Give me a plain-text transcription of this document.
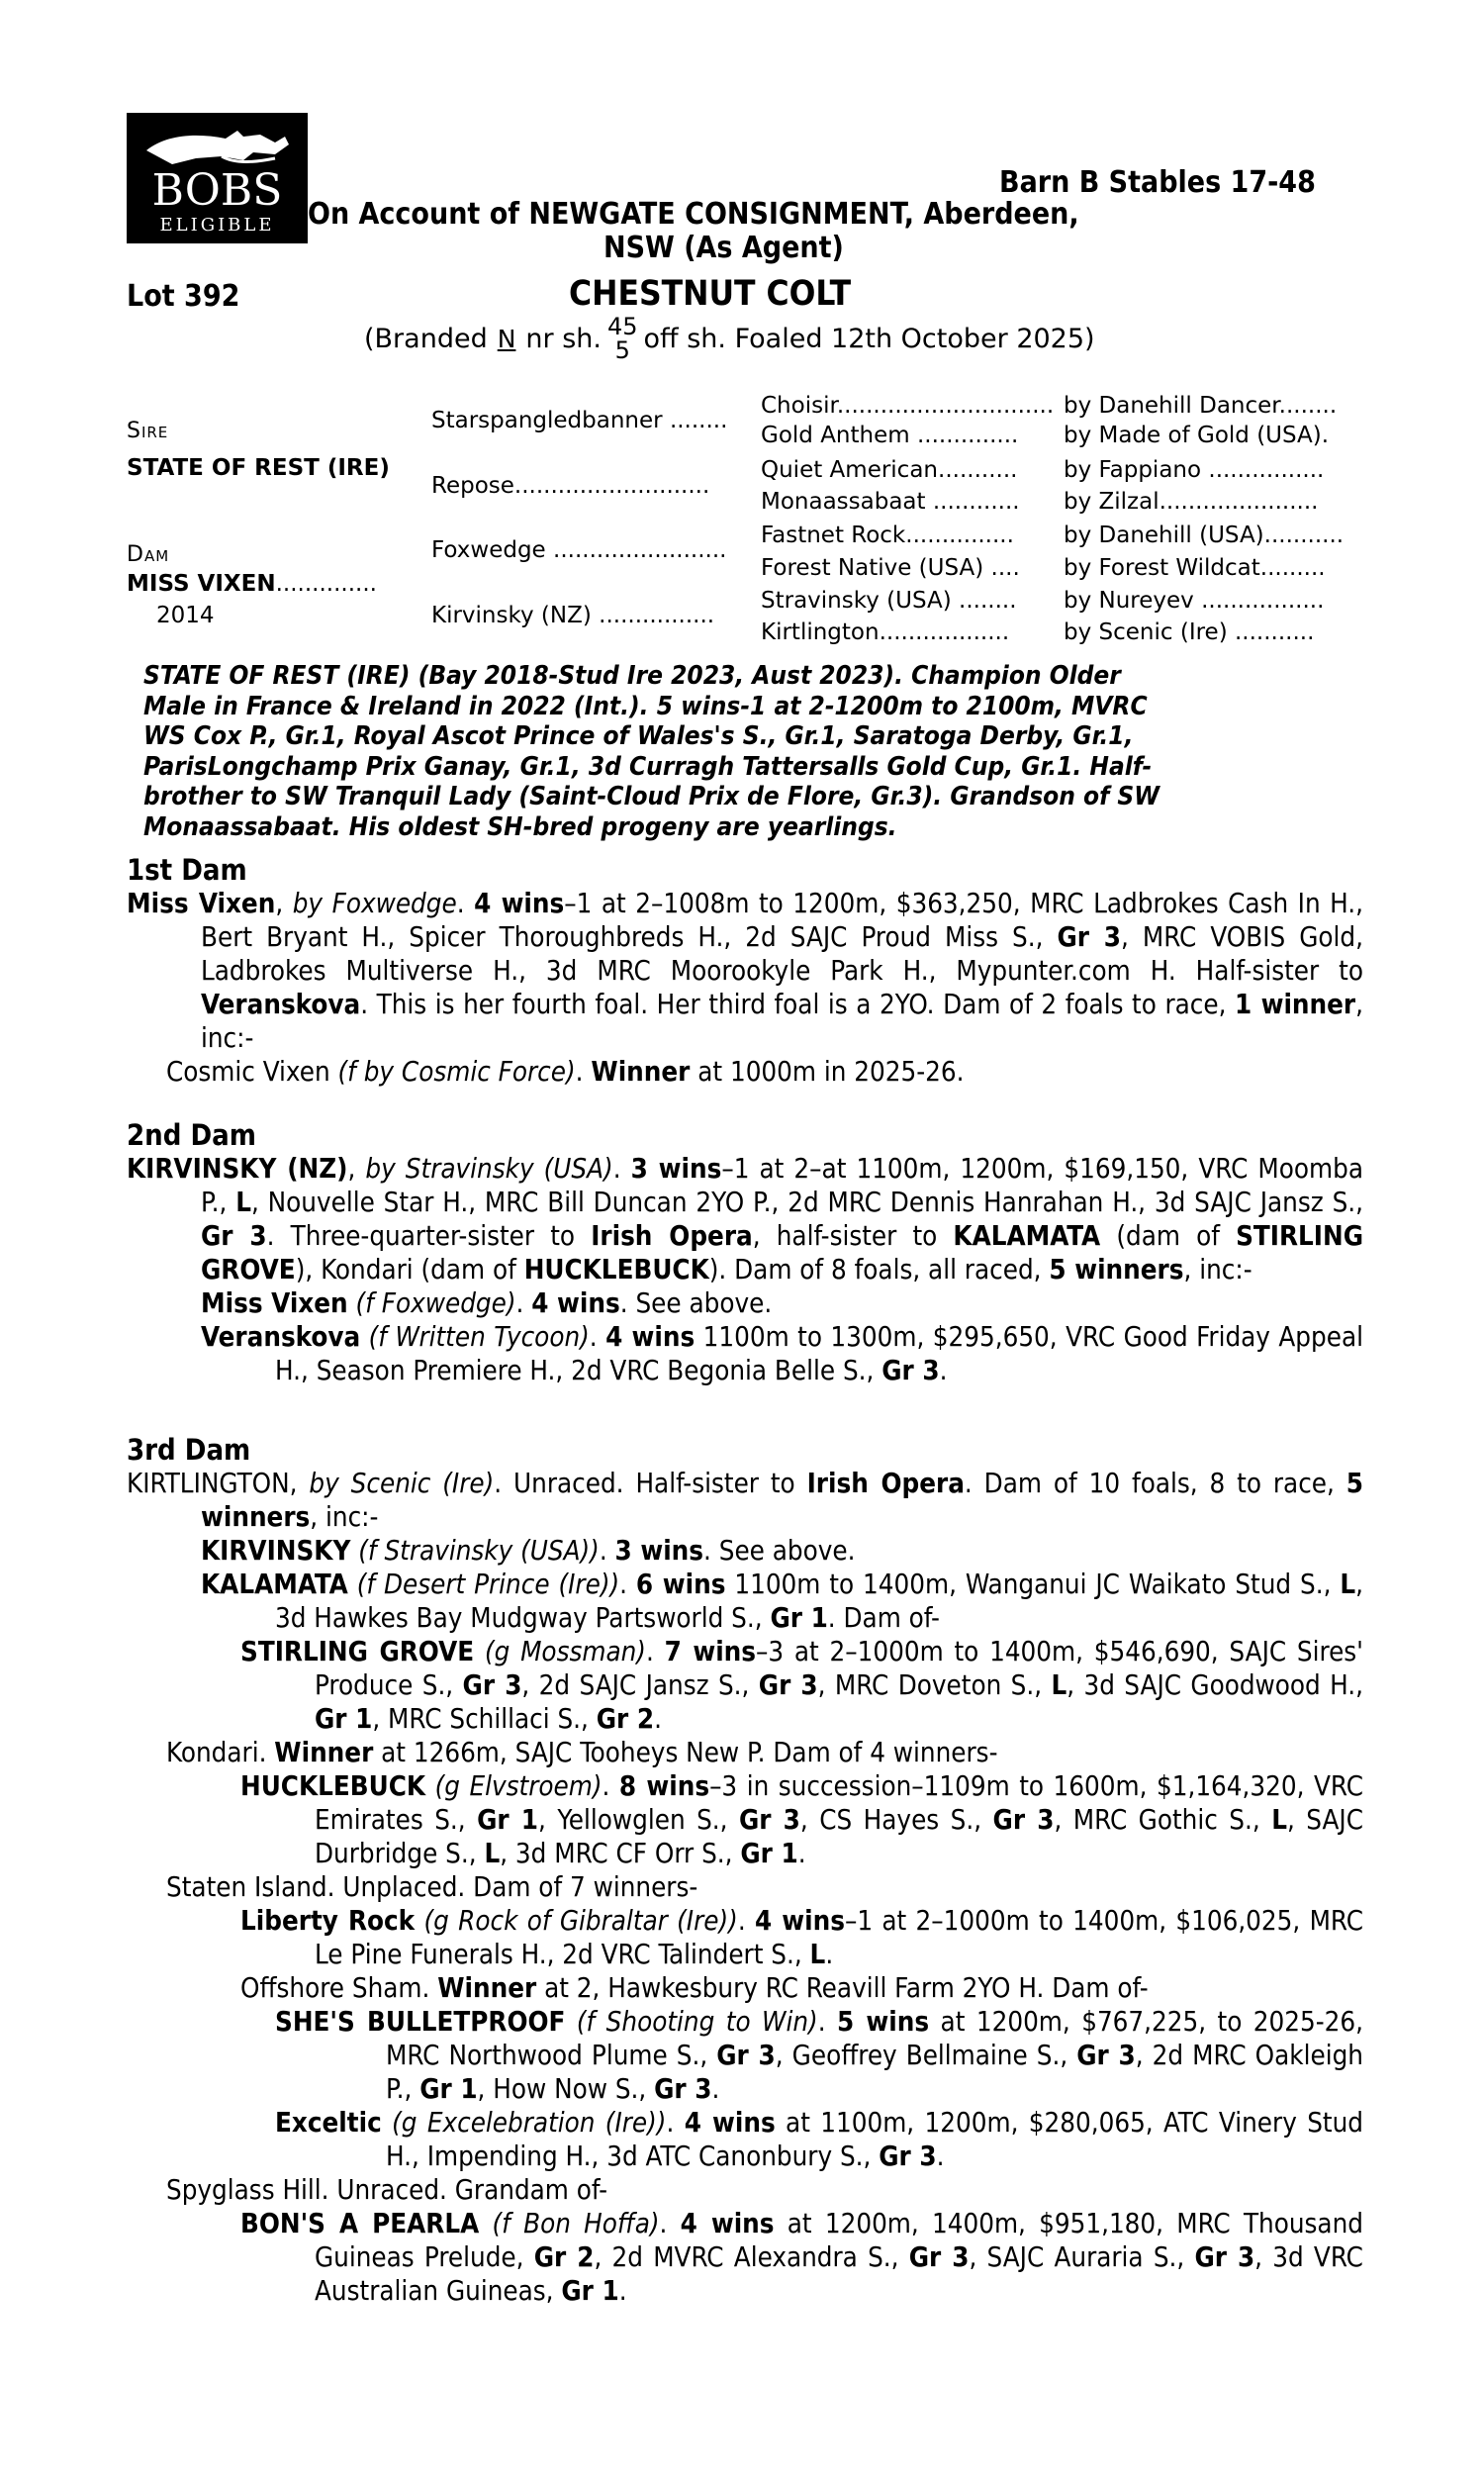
BOBS
ELIGIBLE
Barn B Stables 17-48
On Account of NEWGATE CONSIGNMENT, Aberdeen,
NSW (As Agent)
Lot 392	CHESTNUT COLT
(Branded N nr sh. 45
5 off sh. Foaled 12th October 2025)
Sire
STATE OF REST (IRE)
Dam
MISS VIXEN..............
2014
Starspangledbanner ........
Repose...........................
Foxwedge ........................
Kirvinsky (NZ) ................
Choisir..............................
Gold Anthem ..............
Quiet American...........
Monaassabaat ............
Fastnet Rock...............
Forest Native (USA) ....
Stravinsky (USA) ........
Kirtlington..................
by Danehill Dancer........
by Made of Gold (USA).
by Fappiano ................
by Zilzal......................
by Danehill (USA)...........
by Forest Wildcat.........
by Nureyev .................
by Scenic (Ire) ...........
STATE OF REST (IRE) (Bay 2018-Stud Ire 2023, Aust 2023). Champion Older
Male in France & Ireland in 2022 (Int.). 5 wins-1 at 2-1200m to 2100m, MVRC
WS Cox P., Gr.1, Royal Ascot Prince of Wales's S., Gr.1, Saratoga Derby, Gr.1,
ParisLongchamp Prix Ganay, Gr.1, 3d Curragh Tattersalls Gold Cup, Gr.1. Half-
brother to SW Tranquil Lady (Saint-Cloud Prix de Flore, Gr.3). Grandson of SW
Monaassabaat. His oldest SH-bred progeny are yearlings.
1st Dam

Miss Vixen, by Foxwedge. 4 wins–1 at 2–1008m to 1200m, $363,250, MRC Ladbrokes Cash In H., Bert Bryant H., Spicer Thoroughbreds H., 2d SAJC Proud Miss S., Gr 3, MRC VOBIS Gold, Ladbrokes Multiverse H., 3d MRC Moorookyle Park H., Mypunter.com H. Half-sister to Veranskova. This is her fourth foal. Her third foal is a 2YO. Dam of 2 foals to race, 1 winner, inc:-

Cosmic Vixen (f by Cosmic Force). Winner at 1000m in 2025-26.

2nd Dam

KIRVINSKY (NZ), by Stravinsky (USA). 3 wins–1 at 2–at 1100m, 1200m, $169,150, VRC Moomba P., L, Nouvelle Star H., MRC Bill Duncan 2YO P., 2d MRC Dennis Hanrahan H., 3d SAJC Jansz S., Gr 3. Three-quarter-sister to Irish Opera, half-sister to KALAMATA (dam of STIRLING GROVE), Kondari (dam of HUCKLEBUCK). Dam of 8 foals, all raced, 5 winners, inc:-

Miss Vixen (f Foxwedge). 4 wins. See above.

Veranskova (f Written Tycoon). 4 wins 1100m to 1300m, $295,650, VRC Good Friday Appeal H., Season Premiere H., 2d VRC Begonia Belle S., Gr 3.

3rd Dam

KIRTLINGTON, by Scenic (Ire). Unraced. Half-sister to Irish Opera. Dam of 10 foals, 8 to race, 5 winners, inc:-

KIRVINSKY (f Stravinsky (USA)). 3 wins. See above.

KALAMATA (f Desert Prince (Ire)). 6 wins 1100m to 1400m, Wanganui JC Waikato Stud S., L, 3d Hawkes Bay Mudgway Partsworld S., Gr 1. Dam of-

STIRLING GROVE (g Mossman). 7 wins–3 at 2–1000m to 1400m, $546,690, SAJC Sires' Produce S., Gr 3, 2d SAJC Jansz S., Gr 3, MRC Doveton S., L, 3d SAJC Goodwood H., Gr 1, MRC Schillaci S., Gr 2.

Kondari. Winner at 1266m, SAJC Tooheys New P. Dam of 4 winners-

HUCKLEBUCK (g Elvstroem). 8 wins–3 in succession–1109m to 1600m, $1,164,320, VRC Emirates S., Gr 1, Yellowglen S., Gr 3, CS Hayes S., Gr 3, MRC Gothic S., L, SAJC Durbridge S., L, 3d MRC CF Orr S., Gr 1.

Staten Island. Unplaced. Dam of 7 winners-

Liberty Rock (g Rock of Gibraltar (Ire)). 4 wins–1 at 2–1000m to 1400m, $106,025, MRC Le Pine Funerals H., 2d VRC Talindert S., L.

Offshore Sham. Winner at 2, Hawkesbury RC Reavill Farm 2YO H. Dam of-

SHE'S BULLETPROOF (f Shooting to Win). 5 wins at 1200m, $767,225, to 2025-26, MRC Northwood Plume S., Gr 3, Geoffrey Bellmaine S., Gr 3, 2d MRC Oakleigh P., Gr 1, How Now S., Gr 3.

Exceltic (g Excelebration (Ire)). 4 wins at 1100m, 1200m, $280,065, ATC Vinery Stud H., Impending H., 3d ATC Canonbury S., Gr 3.

Spyglass Hill. Unraced. Grandam of-

BON'S A PEARLA (f Bon Hoffa). 4 wins at 1200m, 1400m, $951,180, MRC Thousand Guineas Prelude, Gr 2, 2d MVRC Alexandra S., Gr 3, SAJC Auraria S., Gr 3, 3d VRC Australian Guineas, Gr 1.
